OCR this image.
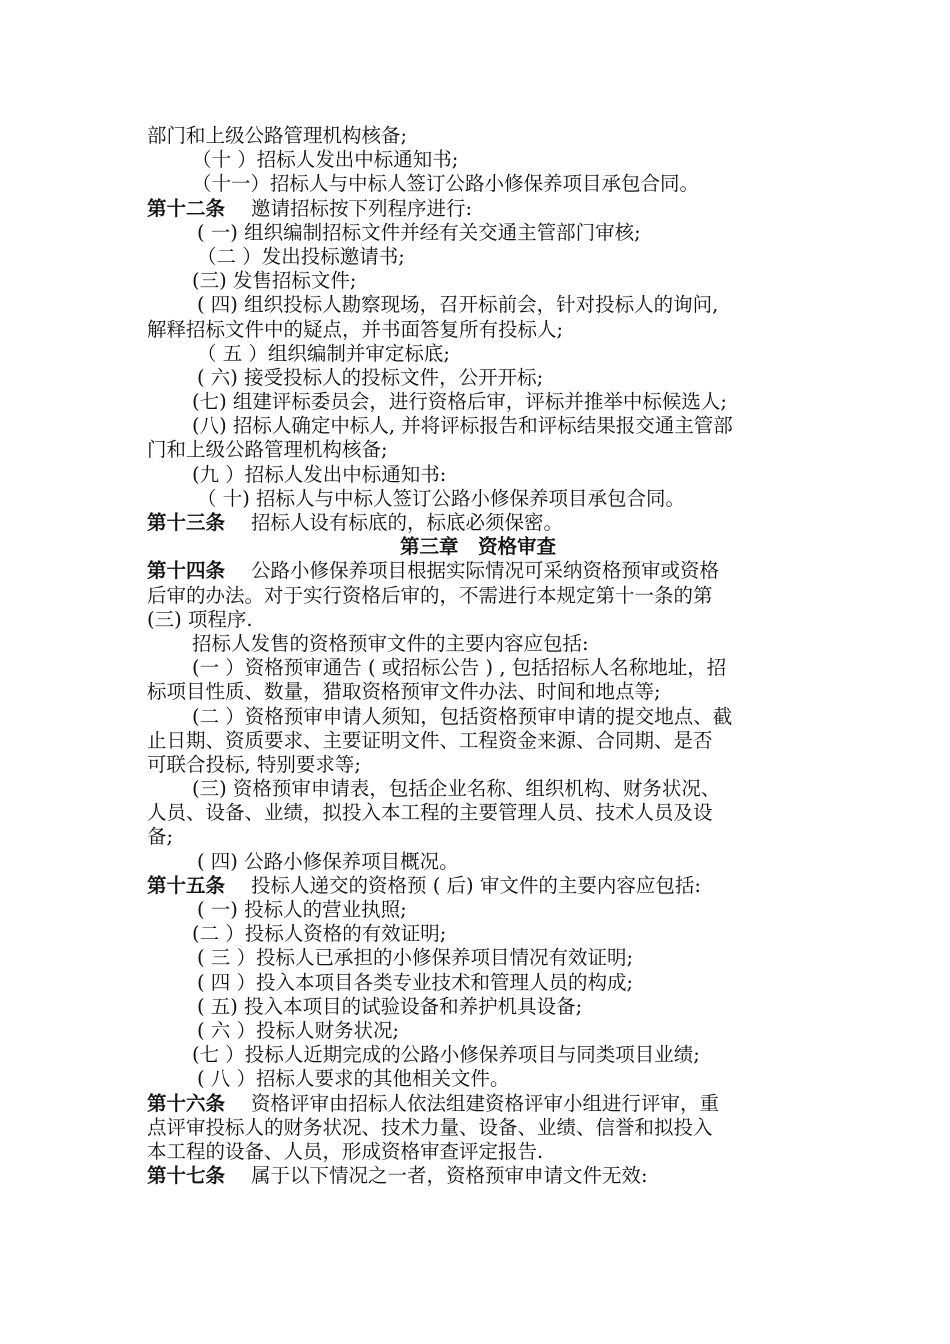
部门和上级公路管理机构核备;
（十 ）招标人发出中标通知书;
（十一）招标人与中标人签订公路小修保养项目承包合同。
第十二条 邀请招标按下列程序进行:
( 一) 组织编制招标文件并经有关交通主管部门审核;
（二 ）发出投标邀请书;
(三) 发售招标文件;
( 四) 组织投标人勘察现场，召开标前会，针对投标人的询问,
解释招标文件中的疑点，并书面答复所有投标人;
（ 五 ）组织编制并审定标底;
( 六) 接受投标人的投标文件，公开开标;
(七) 组建评标委员会，进行资格后审，评标并推举中标候选人;
(八) 招标人确定中标人, 并将评标报告和评标结果报交通主管部
门和上级公路管理机构核备;
(九 ）招标人发出中标通知书:
（ 十) 招标人与中标人签订公路小修保养项目承包合同。
第十三条 招标人设有标底的，标底必须保密。
第三章　资格审查
第十四条 公路小修保养项目根据实际情况可采纳资格预审或资格
后审的办法。对于实行资格后审的，不需进行本规定第十一条的第
(三) 项程序.
招标人发售的资格预审文件的主要内容应包括:
(一 ）资格预审通告 ( 或招标公告 ) , 包括招标人名称地址，招
标项目性质、数量，猎取资格预审文件办法、时间和地点等;
(二 ）资格预审申请人须知，包括资格预审申请的提交地点、截
止日期、资质要求、主要证明文件、工程资金来源、合同期、是否
可联合投标, 特别要求等;
(三) 资格预审申请表，包括企业名称、组织机构、财务状况、
人员、设备、业绩，拟投入本工程的主要管理人员、技术人员及设
备;
( 四) 公路小修保养项目概况。
第十五条 投标人递交的资格预 ( 后) 审文件的主要内容应包括:
( 一) 投标人的营业执照;
(二 ）投标人资格的有效证明;
( 三 ）投标人已承担的小修保养项目情况有效证明;
( 四 ）投入本项目各类专业技术和管理人员的构成;
( 五) 投入本项目的试验设备和养护机具设备;
( 六 ）投标人财务状况;
(七 ）投标人近期完成的公路小修保养项目与同类项目业绩;
( 八 ）招标人要求的其他相关文件。
第十六条 资格评审由招标人依法组建资格评审小组进行评审，重
点评审投标人的财务状况、技术力量、设备、业绩、信誉和拟投入
本工程的设备、人员，形成资格审查评定报告.
第十七条 属于以下情况之一者，资格预审申请文件无效:
